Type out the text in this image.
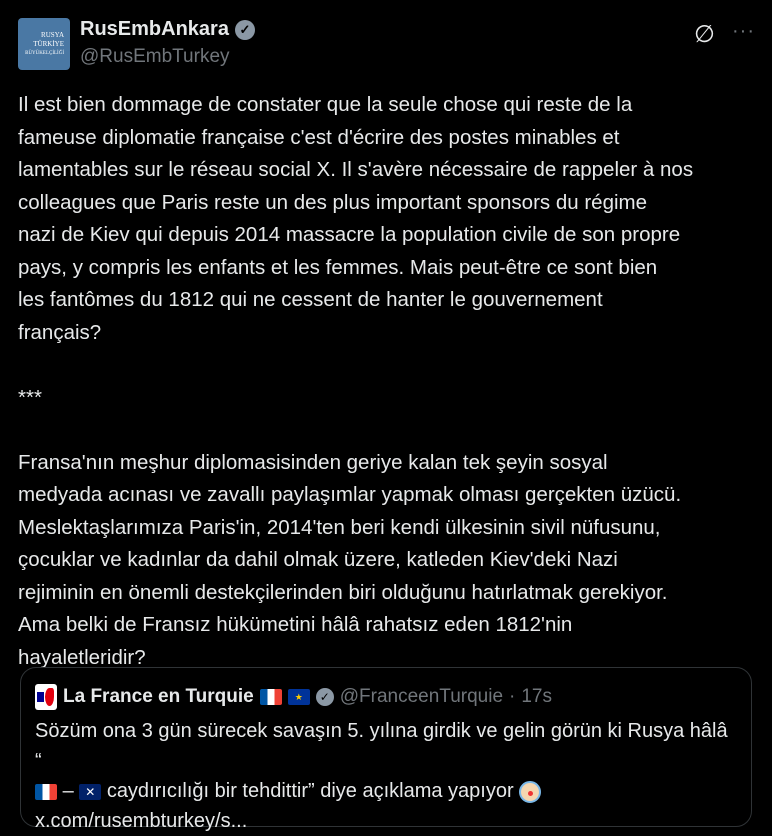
RUSYA
TÜRKİYE
BÜYÜKELÇİLİĞİ
RusEmbAnkara ✓
@RusEmbTurkey
∅ ···
Il est bien dommage de constater que la seule chose qui reste de la
fameuse diplomatie française c'est d'écrire des postes minables et
lamentables sur le réseau social X. Il s'avère nécessaire de rappeler à nos
colleagues que Paris reste un des plus important sponsors du régime
nazi de Kiev qui depuis 2014 massacre la population civile de son propre
pays, y compris les enfants et les femmes. Mais peut-être ce sont bien
les fantômes du 1812 qui ne cessent de hanter le gouvernement
français?
***
Fransa'nın meşhur diplomasisinden geriye kalan tek şeyin sosyal
medyada acınası ve zavallı paylaşımlar yapmak olması gerçekten üzücü.
Meslektaşlarımıza Paris'in, 2014'ten beri kendi ülkesinin sivil nüfusunu,
çocuklar ve kadınlar da dahil olmak üzere, katleden Kiev'deki Nazi
rejiminin en önemli destekçilerinden biri olduğunu hatırlatmak gerekiyor.
Ama belki de Fransız hükümetini hâlâ rahatsız eden 1812'nin
hayaletleridir?
La France en Turquie	★	✓ @FranceenTurquie · 17s
Sözüm ona 3 gün sürecek savaşın 5. yılına girdik ve gelin görün ki Rusya hâlâ “
– ✕ caydırıcılığı bir tehdittir” diye açıklama yapıyor
x.com/rusembturkey/s...
